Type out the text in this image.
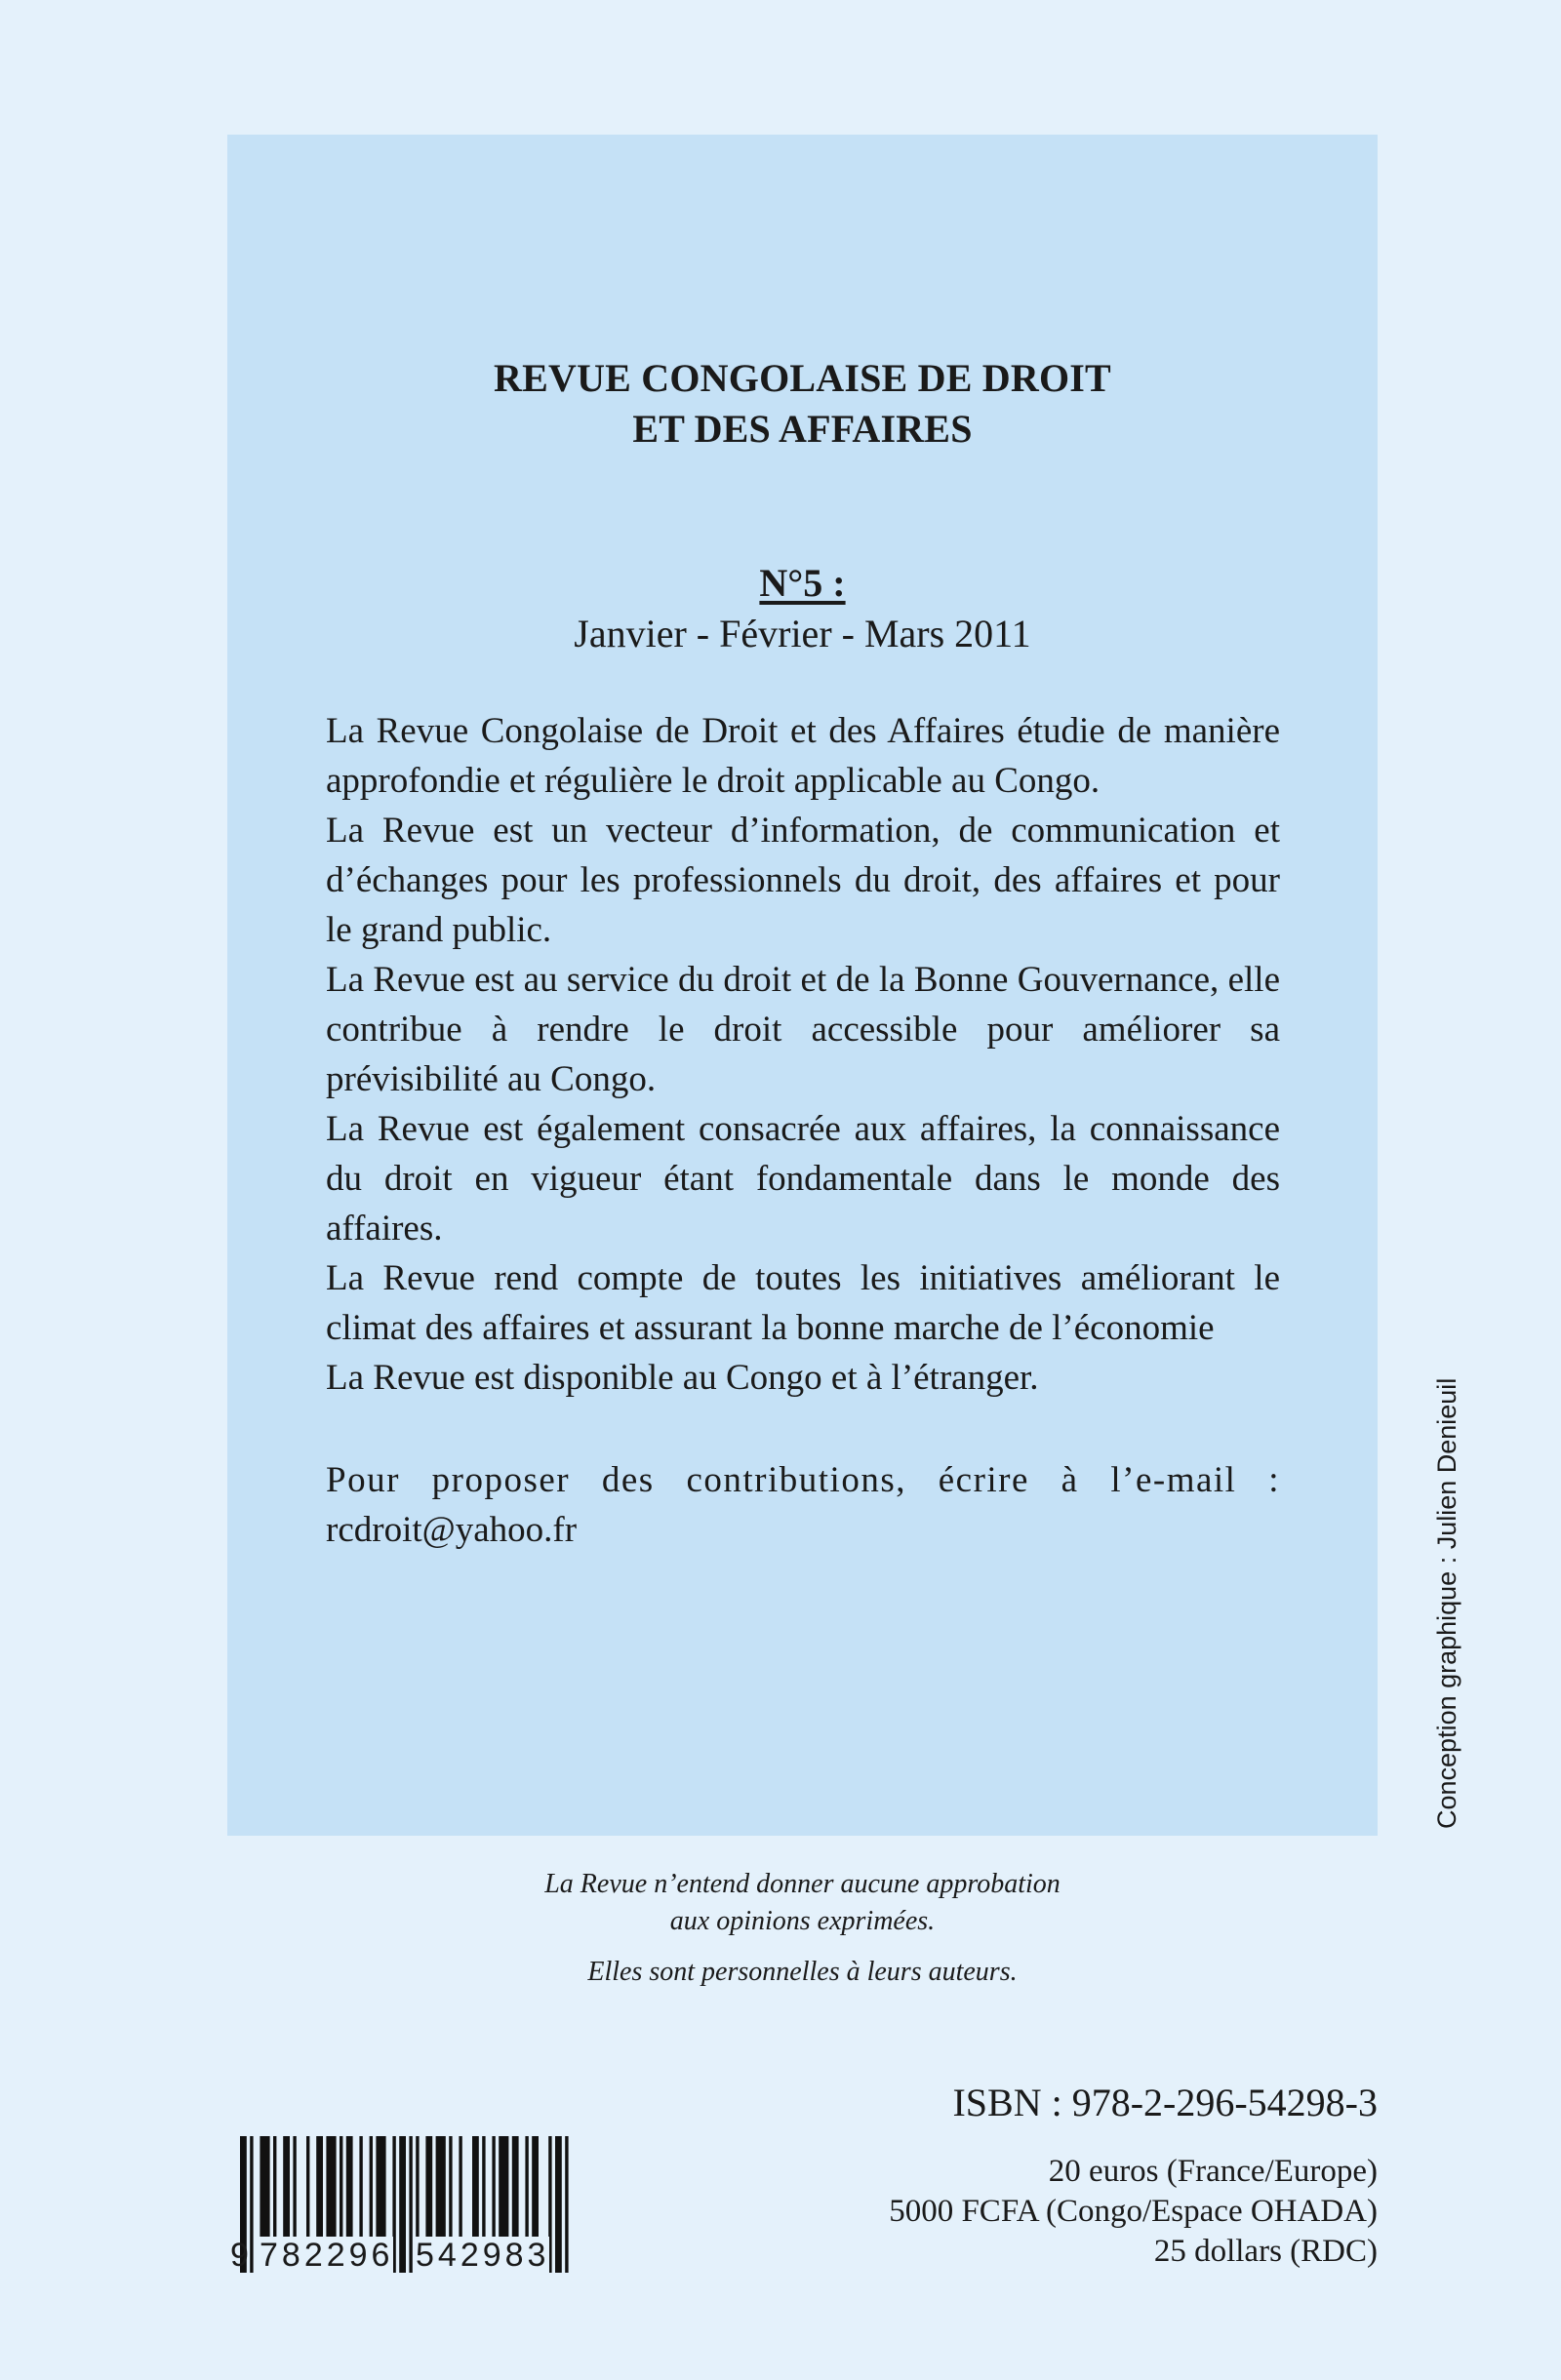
REVUE CONGOLAISE DE DROIT
ET DES AFFAIRES
N°5 :
Janvier - Février - Mars 2011

La Revue Congolaise de Droit et des Affaires étudie de manière approfondie et régulière le droit applicable au Congo.

La Revue est un vecteur d’information, de communication et d’échanges pour les professionnels du droit, des affaires et pour le grand public.

La Revue est au service du droit et de la Bonne Gouvernance, elle contribue à rendre le droit accessible pour améliorer sa prévisibilité au Congo.

La Revue est également consacrée aux affaires, la connaissance du droit en vigueur étant fondamentale dans le monde des affaires.

La Revue rend compte de toutes les initiatives améliorant le climat des affaires et assurant la bonne marche de l’économie

La Revue est disponible au Congo et à l’étranger.

Pour proposer des contributions, écrire à l’e-mail :

rcdroit@yahoo.fr	Conception graphique : Julien Denieuil
La Revue n’entend donner aucune approbation
aux opinions exprimées.
Elles sont personnelles à leurs auteurs.
ISBN : 978-2-296-54298-3
20 euros (France/Europe)
5000 FCFA (Congo/Espace OHADA)
25 dollars (RDC)
9 782296 542983
